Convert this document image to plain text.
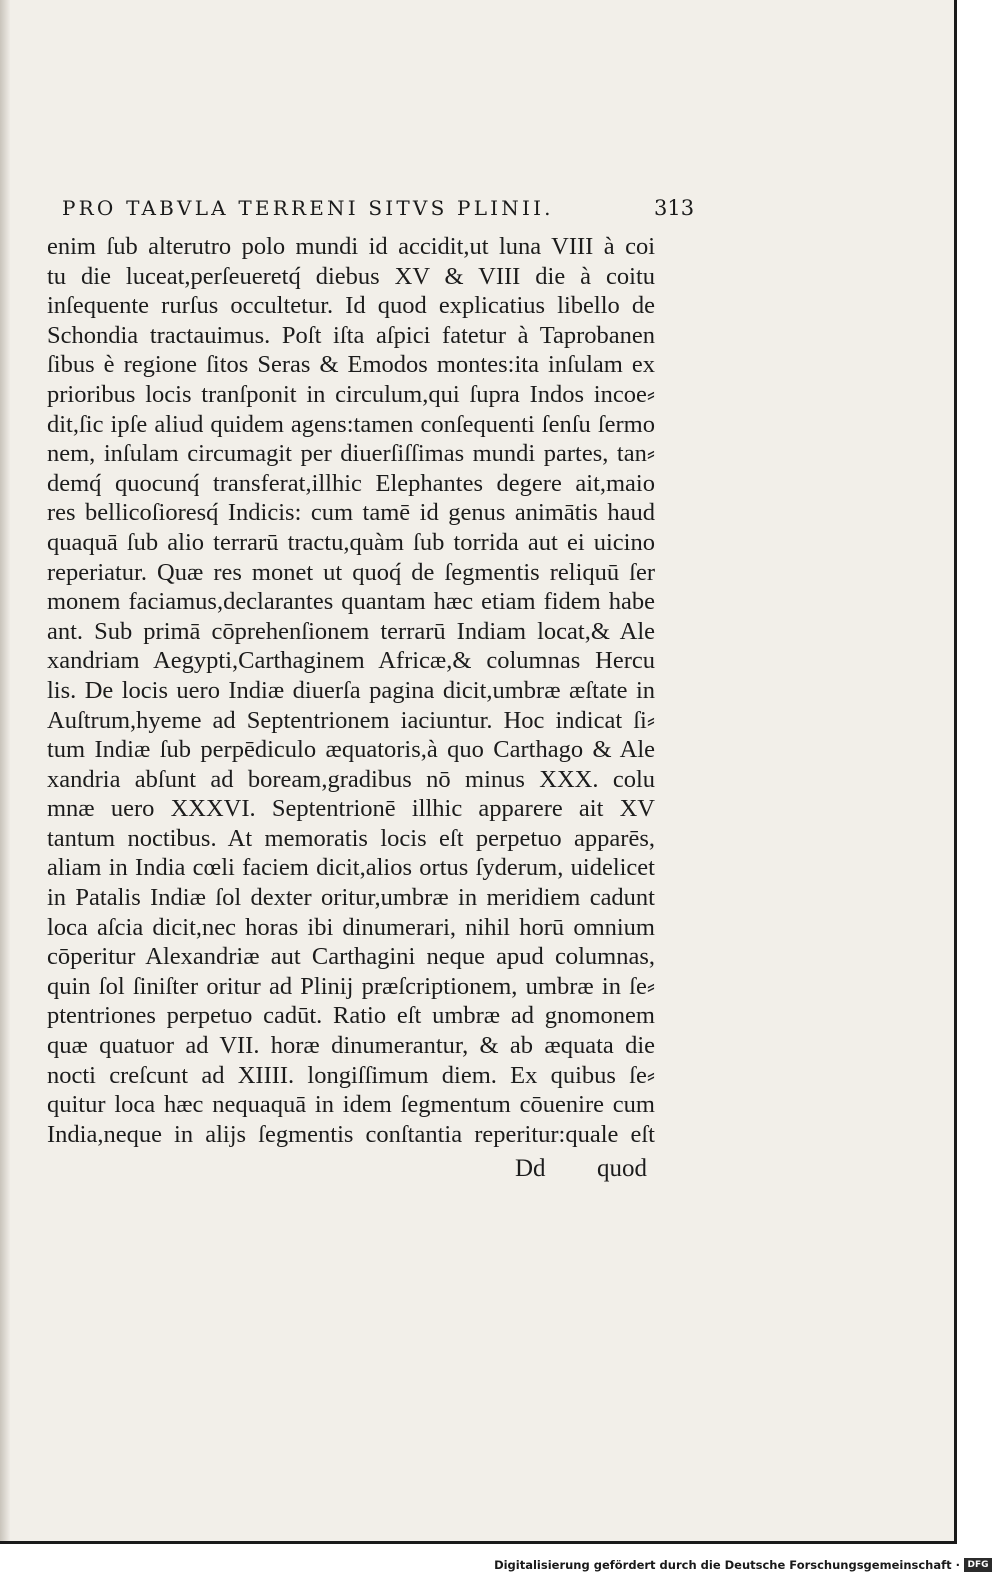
PRO TABVLA TERRENI SITVS PLINII.	313
enim ſub alterutro polo mundi id accidit,ut luna VIII à coi
tu die luceat,perſeueretq́ diebus XV & VIII die à coitu
inſequente rurſus occultetur. Id quod explicatius libello de
Schondia tractauimus. Poſt iſta aſpici fatetur à Taprobanen
ſibus è regione ſitos Seras & Emodos montes:ita inſulam ex
prioribus locis tranſponit in circulum,qui ſupra Indos incoe⸗
dit,ſic ipſe aliud quidem agens:tamen conſequenti ſenſu ſermo
nem, inſulam circumagit per diuerſiſſimas mundi partes, tan⸗
demq́ quocunq́ transferat,illhic Elephantes degere ait,maio
res bellicoſioresq́ Indicis: cum tamē id genus animātis haud
quaquā ſub alio terrarū tractu,quàm ſub torrida aut ei uicino
reperiatur. Quæ res monet ut quoq́ de ſegmentis reliquū ſer
monem faciamus,declarantes quantam hæc etiam fidem habe
ant. Sub primā cōprehenſionem terrarū Indiam locat,& Ale
xandriam Aegypti,Carthaginem Africæ,& columnas Hercu
lis. De locis uero Indiæ diuerſa pagina dicit,umbræ æſtate in
Auſtrum,hyeme ad Septentrionem iaciuntur. Hoc indicat ſi⸗
tum Indiæ ſub perpēdiculo æquatoris,à quo Carthago & Ale
xandria abſunt ad boream,gradibus nō minus XXX. colu
mnæ uero XXXVI. Septentrionē illhic apparere ait XV
tantum noctibus. At memoratis locis eſt perpetuo apparēs,
aliam in India cœli faciem dicit,alios ortus ſyderum, uidelicet
in Patalis Indiæ ſol dexter oritur,umbræ in meridiem cadunt
loca aſcia dicit,nec horas ibi dinumerari, nihil horū omnium
cōperitur Alexandriæ aut Carthagini neque apud columnas,
quin ſol ſiniſter oritur ad Plinij præſcriptionem, umbræ in ſe⸗
ptentriones perpetuo cadūt. Ratio eſt umbræ ad gnomonem
quæ quatuor ad VII. horæ dinumerantur, & ab æquata die
nocti creſcunt ad XIIII. longiſſimum diem. Ex quibus ſe⸗
quitur loca hæc nequaquā in idem ſegmentum cōuenire cum
India,neque in alijs ſegmentis conſtantia reperitur:quale eſt
Dd quod
Digitalisierung gefördert durch die Deutsche Forschungsgemeinschaft · DFG
